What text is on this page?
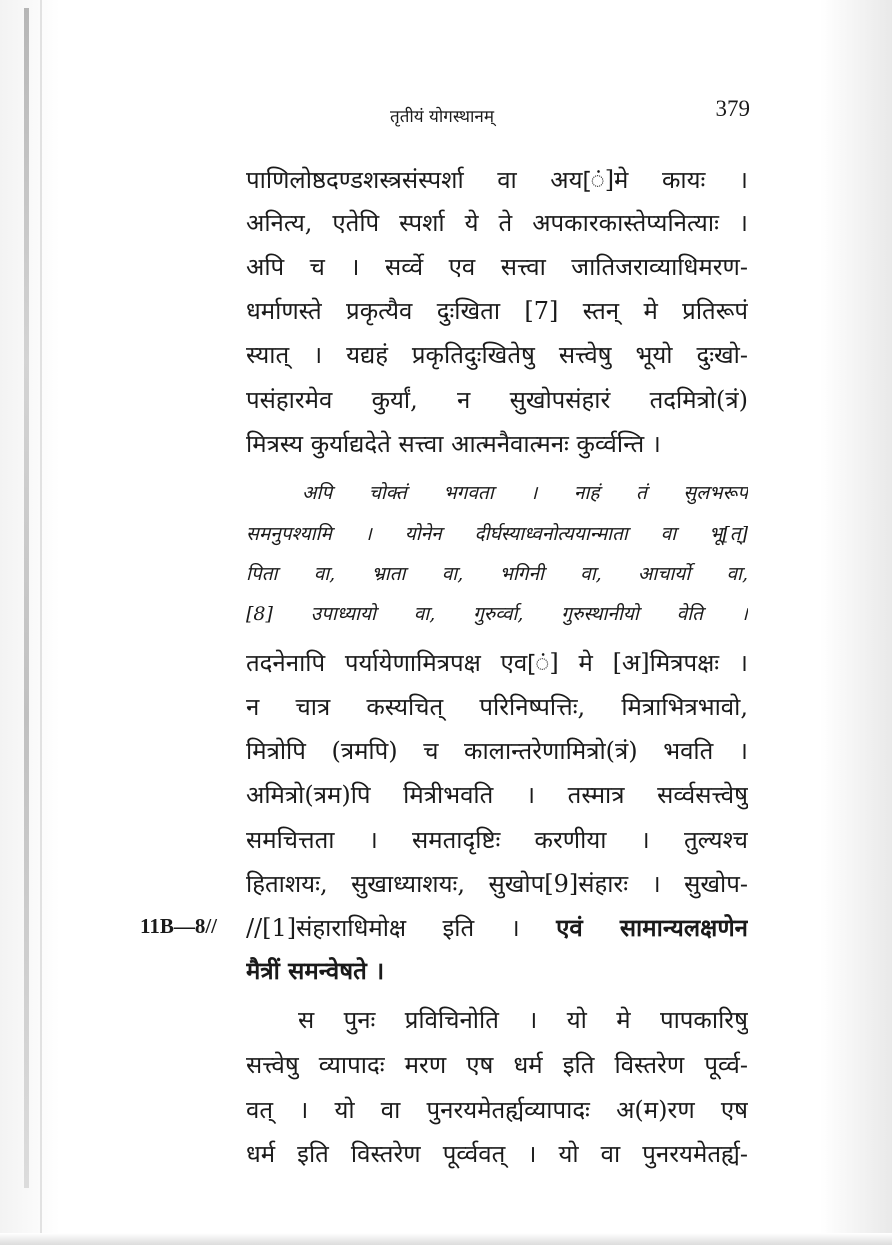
तृतीयं योगस्थानम्	379
पाणिलोष्ठदण्डशस्त्रसंस्पर्शा वा अय[ं]मे कायः ।
अनित्य, एतेपि स्पर्शा ये ते अपकारकास्तेप्यनित्याः ।
अपि च । सर्व्वे एव सत्त्वा जातिजराव्याधिमरण-
धर्माणस्ते प्रकृत्यैव दुःखिता [7] स्तन् मे प्रतिरूपं
स्यात् । यद्यहं प्रकृतिदुःखितेषु सत्त्वेषु भूयो दुःखो-
पसंहारमेव कुर्यां, न सुखोपसंहारं तदमित्रो(त्रं)
मित्रस्य कुर्याद्यदेते सत्त्वा आत्मनैवात्मनः कुर्व्वन्ति ।
अपि चोक्तं भगवता । नाहं तं सुलभरूपं
समनुपश्यामि । योनेन दीर्घस्याध्वनोत्ययान्माता वा भू[त्]
पिता वा, भ्राता वा, भगिनी वा, आचार्यो वा,
[8] उपाध्यायो वा, गुरुर्व्वा, गुरुस्थानीयो वेति ।
तदनेनापि पर्यायेणामित्रपक्ष एव[ं] मे [अ]मित्रपक्षः ।
न चात्र कस्यचित् परिनिष्पत्तिः, मित्राभित्रभावो,
मित्रोपि (त्रमपि) च कालान्तरेणामित्रो(त्रं) भवति ।
अमित्रो(त्रम)पि मित्रीभवति । तस्मात्र सर्व्वसत्त्वेषु
समचित्तता । समतादृष्टिः करणीया । तुल्यश्च
हिताशयः, सुखाध्याशयः, सुखोप[9]संहारः । सुखोप-
11B—8// //[1]संहाराधिमोक्ष इति । एवं सामान्यलक्षणेन
मैत्रीं समन्वेषते ।
स पुनः प्रविचिनोति । यो मे पापकारिषु
सत्त्वेषु व्यापादः मरण एष धर्म इति विस्तरेण पूर्व्व-
वत् । यो वा पुनरयमेतर्ह्यव्यापादः अ(म)रण एष
धर्म इति विस्तरेण पूर्व्ववत् । यो वा पुनरयमेतर्ह्य-
